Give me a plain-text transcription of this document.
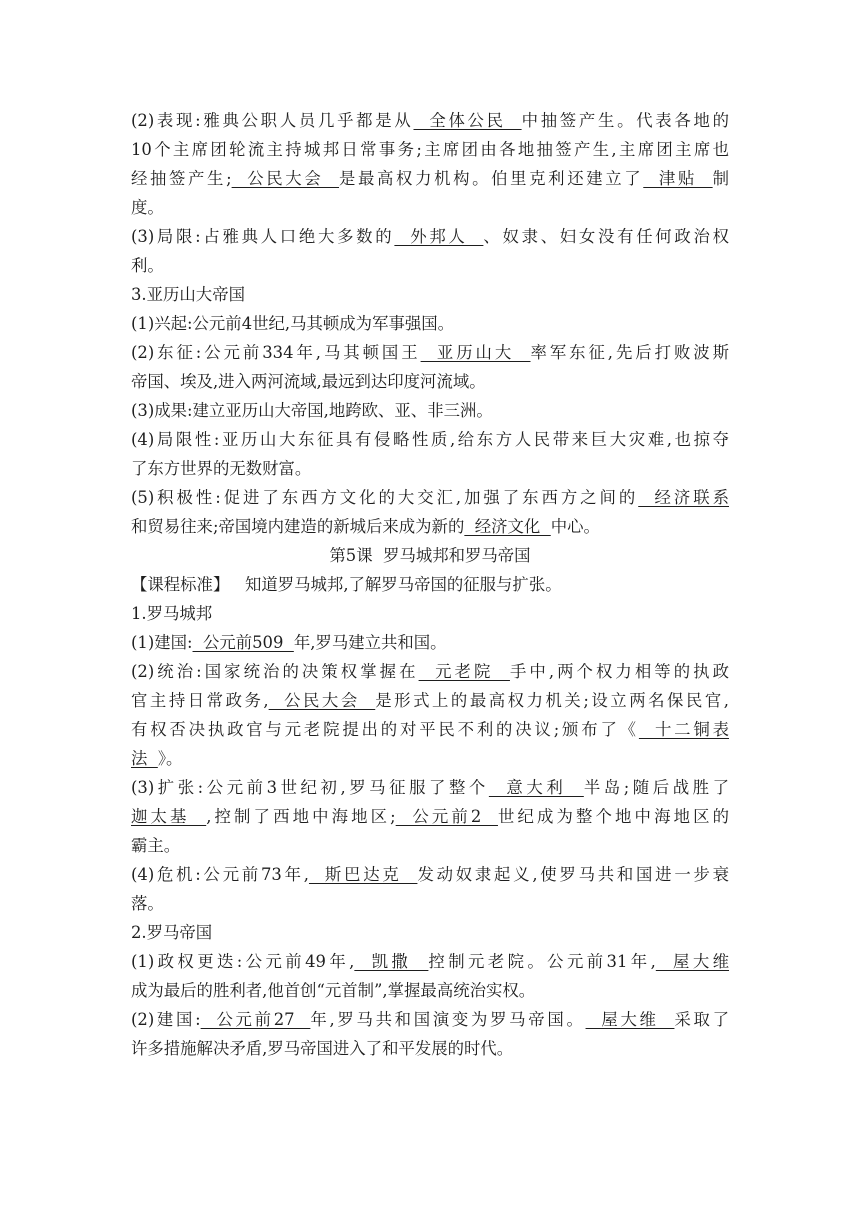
(2)表现:雅典公职人员几乎都是从  全体公民  中抽签产生。代表各地的
10个主席团轮流主持城邦日常事务;主席团由各地抽签产生,主席团主席也
经抽签产生;  公民大会  是最高权力机构。伯里克利还建立了  津贴  制
度。
(3)局限:占雅典人口绝大多数的  外邦人  、奴隶、妇女没有任何政治权
利。
3.亚历山大帝国
(1)兴起:公元前4世纪,马其顿成为军事强国。
(2)东征:公元前334年,马其顿国王  亚历山大  率军东征,先后打败波斯
帝国、埃及,进入两河流域,最远到达印度河流域。
(3)成果:建立亚历山大帝国,地跨欧、亚、非三洲。
(4)局限性:亚历山大东征具有侵略性质,给东方人民带来巨大灾难,也掠夺
了东方世界的无数财富。
(5)积极性:促进了东西方文化的大交汇,加强了东西方之间的  经济联系
和贸易往来;帝国境内建造的新城后来成为新的  经济文化  中心。
第5课  罗马城邦和罗马帝国
【课程标准】   知道罗马城邦,了解罗马帝国的征服与扩张。
1.罗马城邦
(1)建国:  公元前509  年,罗马建立共和国。
(2)统治:国家统治的决策权掌握在  元老院  手中,两个权力相等的执政
官主持日常政务,  公民大会  是形式上的最高权力机关;设立两名保民官,
有权否决执政官与元老院提出的对平民不利的决议;颁布了《  十二铜表
法  》。
(3)扩张:公元前3世纪初,罗马征服了整个  意大利  半岛;随后战胜了
迦太基  ,控制了西地中海地区;  公元前2  世纪成为整个地中海地区的
霸主。
(4)危机:公元前73年,  斯巴达克  发动奴隶起义,使罗马共和国进一步衰
落。
2.罗马帝国
(1)政权更迭:公元前49年,  凯撒  控制元老院。公元前31年,  屋大维
成为最后的胜利者,他首创“元首制”,掌握最高统治实权。
(2)建国:  公元前27  年,罗马共和国演变为罗马帝国。  屋大维  采取了
许多措施解决矛盾,罗马帝国进入了和平发展的时代。
